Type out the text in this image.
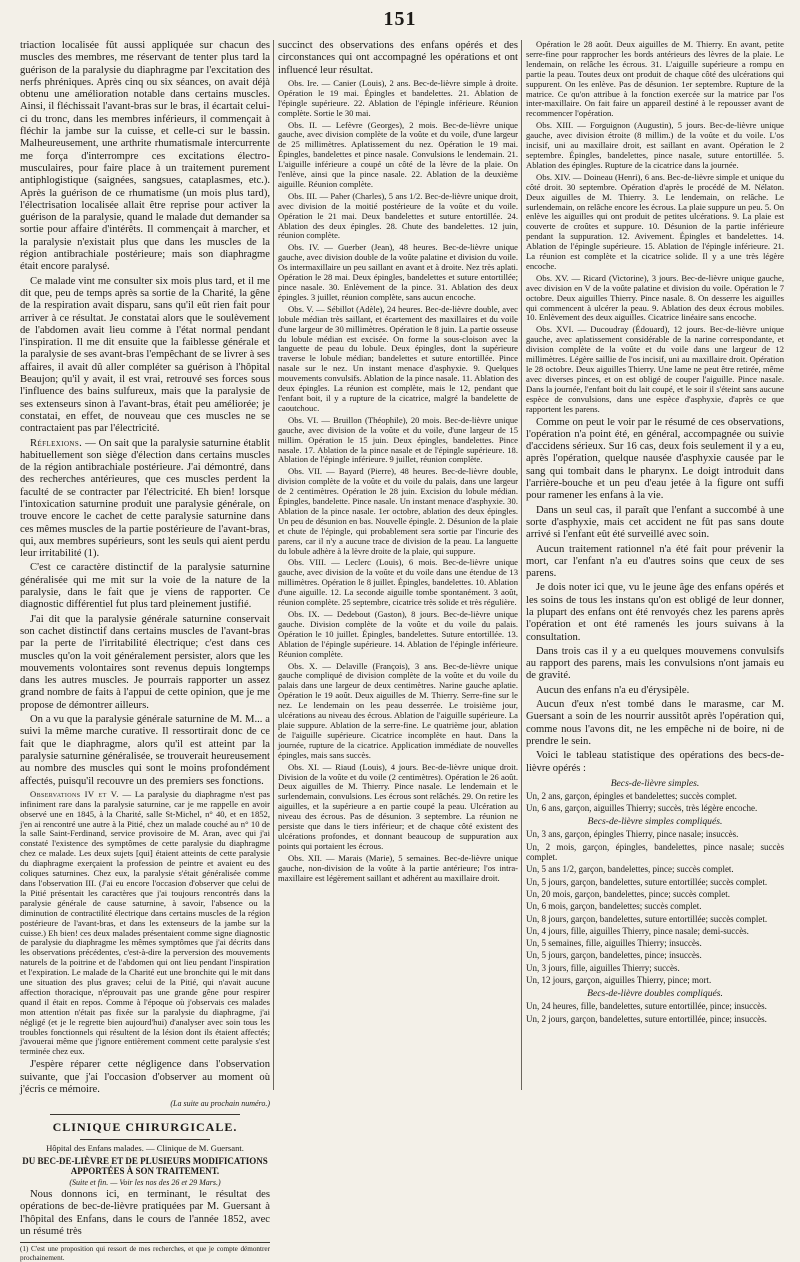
151

triaction localisée fût aussi appliquée sur chacun des muscles des membres, me réservant de tenter plus tard la guérison de la paralysie du diaphragme par l'excitation des nerfs phréniques. Après cinq ou six séances, on avait déjà obtenu une amélioration notable dans certains muscles. Ainsi, il fléchissait l'avant-bras sur le bras, il écartait celui-ci du tronc, dans les membres inférieurs, il commençait à fléchir la jambe sur la cuisse, et celle-ci sur le bassin. Malheureusement, une arthrite rhumatismale intercurrente me força d'interrompre ces excitations électro-musculaires, pour faire place à un traitement purement antiphlogistique (saignées, sangsues, cataplasmes, etc.). Après la guérison de ce rhumatisme (un mois plus tard), l'électrisation localisée allait être reprise pour activer la guérison de la paralysie, quand le malade dut demander sa sortie pour affaire d'intérêts. Il commençait à marcher, et la paralysie n'existait plus que dans les muscles de la région antibrachiale postérieure; mais son diaphragme était encore paralysé.

Ce malade vint me consulter six mois plus tard, et il me dit que, peu de temps après sa sortie de la Charité, la gêne de la respiration avait disparu, sans qu'il eût rien fait pour arriver à ce résultat. Je constatai alors que le soulèvement de l'abdomen avait lieu comme à l'état normal pendant l'inspiration. Il me dit ensuite que la faiblesse générale et la paralysie de ses avant-bras l'empêchant de se livrer à ses affaires, il avait dû aller compléter sa guérison à l'hôpital Beaujon; qu'il y avait, il est vrai, retrouvé ses forces sous l'influence des bains sulfureux, mais que la paralysie de ses extenseurs sinon à l'avant-bras, était peu améliorée; je constatai, en effet, de nouveau que ces muscles ne se contractaient pas par l'électricité.

Réflexions. — On sait que la paralysie saturnine établit habituellement son siège d'élection dans certains muscles de la région antibrachiale postérieure. J'ai démontré, dans des recherches antérieures, que ces muscles perdent la faculté de se contracter par l'électricité. Eh bien! lorsque l'intoxication saturnine produit une paralysie générale, on trouve encore le cachet de cette paralysie saturnine dans ces mêmes muscles de la partie postérieure de l'avant-bras, qui, aux membres supérieurs, sont les seuls qui aient perdu leur irritabilité (1).

C'est ce caractère distinctif de la paralysie saturnine généralisée qui me mit sur la voie de la nature de la paralysie, dans le fait que je viens de rapporter. Ce diagnostic différentiel fut plus tard pleinement justifié.

J'ai dit que la paralysie générale saturnine conservait son cachet distinctif dans certains muscles de l'avant-bras par la perte de l'irritabilité électrique; c'est dans ces muscles qu'on la voit généralement persister, alors que les mouvements volontaires sont revenus depuis longtemps dans les autres muscles. Je pourrais rapporter un assez grand nombre de faits à l'appui de cette opinion, que je me propose de démontrer ailleurs.

On a vu que la paralysie générale saturnine de M. M... a suivi la même marche curative. Il ressortirait donc de ce fait que le diaphragme, alors qu'il est atteint par la paralysie saturnine généralisée, se trouverait heureusement au nombre des muscles qui sont le moins profondément affectés, puisqu'il recouvre un des premiers ses fonctions.

Observations IV et V. — La paralysie du diaphragme n'est pas infiniment rare dans la paralysie saturnine, car je me rappelle en avoir observé une en 1845, à la Charité, salle St-Michel, n° 40, et en 1852, j'en ai rencontré une autre à la Pitié, chez un malade couché au n° 10 de la salle Saint-Ferdinand, service provisoire de M. Aran, avec qui j'ai constaté l'existence des symptômes de cette paralysie du diaphragme chez ce malade. Les deux sujets [qui] étaient atteints de cette paralysie du diaphragme exerçaient la profession de peintre et avaient eu des coliques saturnines. Chez eux, la paralysie s'était généralisée comme dans l'observation III. (J'ai eu encore l'occasion d'observer que celui de la Pitié présentait les caractères que j'ai toujours rencontrés dans la paralysie générale de cause saturnine, à savoir, l'absence ou la diminution de contractilité électrique dans certains muscles de la région postérieure de l'avant-bras, et dans les extenseurs de la jambe sur la cuisse.) Eh bien! ces deux malades présentaient comme signe diagnostic de paralysie du diaphragme les mêmes symptômes que j'ai décrits dans les observations précédentes, c'est-à-dire la perversion des mouvements naturels de la poitrine et de l'abdomen qui ont lieu pendant l'inspiration et l'expiration. Le malade de la Charité eut une bronchite qui le mit dans une situation des plus graves; celui de la Pitié, qui n'avait aucune affection thoracique, n'éprouvait pas une grande gêne pour respirer quand il était en repos. Comme à l'époque où j'observais ces malades mon attention n'était pas fixée sur la paralysie du diaphragme, j'ai négligé (et je le regrette bien aujourd'hui) d'analyser avec soin tous les troubles fonctionnels qui résultent de la lésion dont ils étaient affectés; j'avouerai même que j'ignore entièrement comment cette paralysie s'est terminée chez eux.

J'espère réparer cette négligence dans l'observation suivante, que j'ai l'occasion d'observer au moment où j'écris ce mémoire.

(La suite au prochain numéro.)

CLINIQUE CHIRURGICALE.

Hôpital des Enfans malades. — Clinique de M. Guersant.

DU BEC-DE-LIÈVRE ET DE PLUSIEURS MODIFICATIONS APPORTÉES À SON TRAITEMENT.
(Suite et fin. — Voir les nos des 26 et 29 Mars.)

Nous donnons ici, en terminant, le résultat des opérations de bec-de-lièvre pratiquées par M. Guersant à l'hôpital des Enfans, dans le cours de l'année 1852, avec un résumé très

(1) C'est une proposition qui ressort de mes recherches, et que je compte démontrer prochainement.

succinct des observations des enfans opérés et des circonstances qui ont accompagné les opérations et ont influencé leur résultat.

Obs. Ire. — Canier (Louis), 2 ans. Bec-de-lièvre simple à droite. Opération le 19 mai. Épingles et bandelettes. 21. Ablation de l'épingle supérieure. 22. Ablation de l'épingle inférieure. Réunion complète. Sortie le 30 mai.

Obs. II. — Lefèvre (Georges), 2 mois. Bec-de-lièvre unique gauche, avec division complète de la voûte et du voile, d'une largeur de 25 millimètres. Aplatissement du nez. Opération le 19 mai. Épingles, bandelettes et pince nasale. Convulsions le lendemain. 21. L'aiguille inférieure a coupé un côté de la lèvre de la plaie. On l'enlève, ainsi que la pince nasale. 22. Ablation de la deuxième aiguille. Réunion complète.

Obs. III. — Paher (Charles), 5 ans 1/2. Bec-de-lièvre unique droit, avec division de la moitié postérieure de la voûte et du voile. Opération le 21 mai. Deux bandelettes et suture entortillée. 24. Ablation des deux épingles. 28. Chute des bandelettes. 12 juin, réunion complète.

Obs. IV. — Guerber (Jean), 48 heures. Bec-de-lièvre unique gauche, avec division double de la voûte palatine et division du voile. Os intermaxillaire un peu saillant en avant et à droite. Nez très aplati. Opération le 28 mai. Deux épingles, bandelettes et suture entortillée; pince nasale. 30. Enlèvement de la pince. 31. Ablation des deux épingles. 3 juillet, réunion complète, sans aucun encoche.

Obs. V. — Sébillot (Adèle), 24 heures. Bec-de-lièvre double, avec lobule médian très saillant, et écartement des maxillaires et du voile d'une largeur de 30 millimètres. Opération le 8 juin. La partie osseuse du lobule médian est excisée. On forme la sous-cloison avec la languette de peau du lobule. Deux épingles, dont la supérieure traverse le lobule médian; bandelettes et suture entortillée. Pince nasale sur le nez. Un instant menace d'asphyxie. 9. Quelques mouvements convulsifs. Ablation de la pince nasale. 11. Ablation des deux épingles. La réunion est complète, mais le 12, pendant que l'enfant boit, il y a rupture de la cicatrice, malgré la bandelette de caoutchouc.

Obs. VI. — Bruillon (Théophile), 20 mois. Bec-de-lièvre unique gauche, avec division de la voûte et du voile, d'une largeur de 15 millim. Opération le 15 juin. Deux épingles, bandelettes. Pince nasale. 17. Ablation de la pince nasale et de l'épingle supérieure. 18. Ablation de l'épingle inférieure. 9 juillet, réunion complète.

Obs. VII. — Bayard (Pierre), 48 heures. Bec-de-lièvre double, division complète de la voûte et du voile du palais, dans une largeur de 2 centimètres. Opération le 28 juin. Excision du lobule médian. Épingles, bandelette. Pince nasale. Un instant menace d'asphyxie. 30. Ablation de la pince nasale. 1er octobre, ablation des deux épingles. Un peu de désunion en bas. Nouvelle épingle. 2. Désunion de la plaie et chute de l'épingle, qui probablement sera sortie par l'incurie des parens, car il n'y a aucune trace de division de la peau. La languette du lobule adhère à la lèvre droite de la plaie, qui suppure.

Obs. VIII. — Leclerc (Louis), 6 mois. Bec-de-lièvre unique gauche, avec division de la voûte et du voile dans une étendue de 13 millimètres. Opération le 8 juillet. Épingles, bandelettes. 10. Ablation d'une aiguille. 12. La seconde aiguille tombe spontanément. 3 août, réunion complète. 25 septembre, cicatrice très solide et très régulière.

Obs. IX. — Dedebout (Gaston), 8 jours. Bec-de-lièvre unique gauche. Division complète de la voûte et du voile du palais. Opération le 10 juillet. Épingles, bandelettes. Suture entortillée. 13. Ablation de l'épingle supérieure. 14. Ablation de l'épingle inférieure. Réunion complète.

Obs. X. — Delaville (François), 3 ans. Bec-de-lièvre unique gauche compliqué de division complète de la voûte et du voile du palais dans une largeur de deux centimètres. Narine gauche aplatie. Opération le 19 août. Deux aiguilles de M. Thierry. Serre-fine sur le nez. Le lendemain on les peau desserrée. Le troisième jour, ulcérations au niveau des écrous. Ablation de l'aiguille supérieure. La plaie suppure. Ablation de la serre-fine. Le quatrième jour, ablation de l'aiguille supérieure. Cicatrice incomplète en haut. Dans la journée, rupture de la cicatrice. Application immédiate de nouvelles épingles, mais sans succès.

Obs. XI. — Riaud (Louis), 4 jours. Bec-de-lièvre unique droit. Division de la voûte et du voile (2 centimètres). Opération le 26 août. Deux aiguilles de M. Thierry. Pince nasale. Le lendemain et le surlendemain, convulsions. Les écrous sont relâchés. 29. On retire les aiguilles, et la supérieure a en partie coupé la peau. Ulcération au niveau des écrous. Pas de désunion. 3 septembre. La réunion ne persiste que dans le tiers inférieur; et de chaque côté existent des ulcérations profondes, et donnant beaucoup de suppuration aux points qui portaient les écrous.

Obs. XII. — Marais (Marie), 5 semaines. Bec-de-lièvre unique gauche, non-division de la voûte à la partie antérieure; l'os intra-maxillaire est légèrement saillant et adhérent au maxillaire droit.

Opération le 28 août. Deux aiguilles de M. Thierry. En avant, petite serre-fine pour rapprocher les bords antérieurs des lèvres de la plaie. Le lendemain, on relâche les écrous. 31. L'aiguille supérieure a rompu en partie la peau. Toutes deux ont produit de chaque côté des ulcérations qui suppurent. On les enlève. Pas de désunion. 1er septembre. Rupture de la matrice. Ce qu'on attribue à la fonction exercée sur la matrice par l'os inter-maxillaire. On fait faire un appareil destiné à le repousser avant de recommencer l'opération.

Obs. XIII. — Forguignon (Augustin), 5 jours. Bec-de-lièvre unique gauche, avec division étroite (8 millim.) de la voûte et du voile. L'os incisif, uni au maxillaire droit, est saillant en avant. Opération le 2 septembre. Épingles, bandelettes, pince nasale, suture entortillée. 5. Ablation des épingles. Rupture de la cicatrice dans la journée.

Obs. XIV. — Doineau (Henri), 6 ans. Bec-de-lièvre simple et unique du côté droit. 30 septembre. Opération d'après le procédé de M. Nélaton. Deux aiguilles de M. Thierry. 3. Le lendemain, on relâche. Le surlendemain, on relâche encore les écrous. La plaie suppure un peu. 5. On enlève les aiguilles qui ont produit de petites ulcérations. 9. La plaie est couverte de croûtes et suppure. 10. Désunion de la partie inférieure pendant la suppuration. 12. Avivement. Épingles et bandelettes. 14. Ablation de l'épingle supérieure. 15. Ablation de l'épingle inférieure. 21. La réunion est complète et la cicatrice solide. Il y a une très légère encoche.

Obs. XV. — Ricard (Victorine), 3 jours. Bec-de-lièvre unique gauche, avec division en V de la voûte palatine et division du voile. Opération le 7 octobre. Deux aiguilles Thierry. Pince nasale. 8. On desserre les aiguilles qui commencent à ulcérer la peau. 9. Ablation des deux écrous mobiles. 10. Enlèvement des deux aiguilles. Cicatrice linéaire sans encoche.

Obs. XVI. — Ducoudray (Édouard), 12 jours. Bec-de-lièvre unique gauche, avec aplatissement considérable de la narine correspondante, et division complète de la voûte et du voile dans une largeur de 12 millimètres. Légère saillie de l'os incisif, uni au maxillaire droit. Opération le 28 octobre. Deux aiguilles Thierry. Une lame ne peut être retirée, même avec diverses pinces, et on est obligé de couper l'aiguille. Pince nasale. Dans la journée, l'enfant boit du lait coupé, et le soir il s'éteint sans aucune espèce de convulsions, dans une espèce d'asphyxie, d'après ce que rapportent les parens.

Comme on peut le voir par le résumé de ces observations, l'opération n'a point été, en général, accompagnée ou suivie d'accidens sérieux. Sur 16 cas, deux fois seulement il y a eu, après l'opération, quelque nausée d'asphyxie causée par le sang qui tombait dans le pharynx. Le doigt introduit dans l'arrière-bouche et un peu d'eau jetée à la figure ont suffi pour ramener les enfans à la vie.

Dans un seul cas, il paraît que l'enfant a succombé à une sorte d'asphyxie, mais cet accident ne fût pas sans doute arrivé si l'enfant eût été surveillé avec soin.

Aucun traitement rationnel n'a été fait pour prévenir la mort, car l'enfant n'a eu d'autres soins que ceux de ses parens.

Je dois noter ici que, vu le jeune âge des enfans opérés et les soins de tous les instans qu'on est obligé de leur donner, la plupart des enfans ont été renvoyés chez les parens après l'opération et ont été ramenés les jours suivans à la consultation.

Dans trois cas il y a eu quelques mouvemens convulsifs au rapport des parens, mais les convulsions n'ont jamais eu de gravité.

Aucun des enfans n'a eu d'érysipèle.

Aucun d'eux n'est tombé dans le marasme, car M. Guersant a soin de les nourrir aussitôt après l'opération qui, comme nous l'avons dit, ne les empêche ni de boire, ni de prendre le sein.

Voici le tableau statistique des opérations des becs-de-lièvre opérés :

Becs-de-lièvre simples.

Un, 2 ans, garçon, épingles et bandelettes; succès complet.

Un, 6 ans, garçon, aiguilles Thierry; succès, très légère encoche.

Becs-de-lièvre simples compliqués.

Un, 3 ans, garçon, épingles Thierry, pince nasale; insuccès.

Un, 2 mois, garçon, épingles, bandelettes, pince nasale; succès complet.

Un, 5 ans 1/2, garçon, bandelettes, pince; succès complet.

Un, 5 jours, garçon, bandelettes, suture entortillée; succès complet.

Un, 20 mois, garçon, bandelettes, pince; succès complet.

Un, 6 mois, garçon, bandelettes; succès complet.

Un, 8 jours, garçon, bandelettes, suture entortillée; succès complet.

Un, 4 jours, fille, aiguilles Thierry, pince nasale; demi-succès.

Un, 5 semaines, fille, aiguilles Thierry; insuccès.

Un, 5 jours, garçon, bandelettes, pince; insuccès.

Un, 3 jours, fille, aiguilles Thierry; succès.

Un, 12 jours, garçon, aiguilles Thierry, pince; mort.

Becs-de-lièvre doubles compliqués.

Un, 24 heures, fille, bandelettes, suture entortillée, pince; insuccès.

Un, 2 jours, garçon, bandelettes, suture entortillée, pince; insuccès.
